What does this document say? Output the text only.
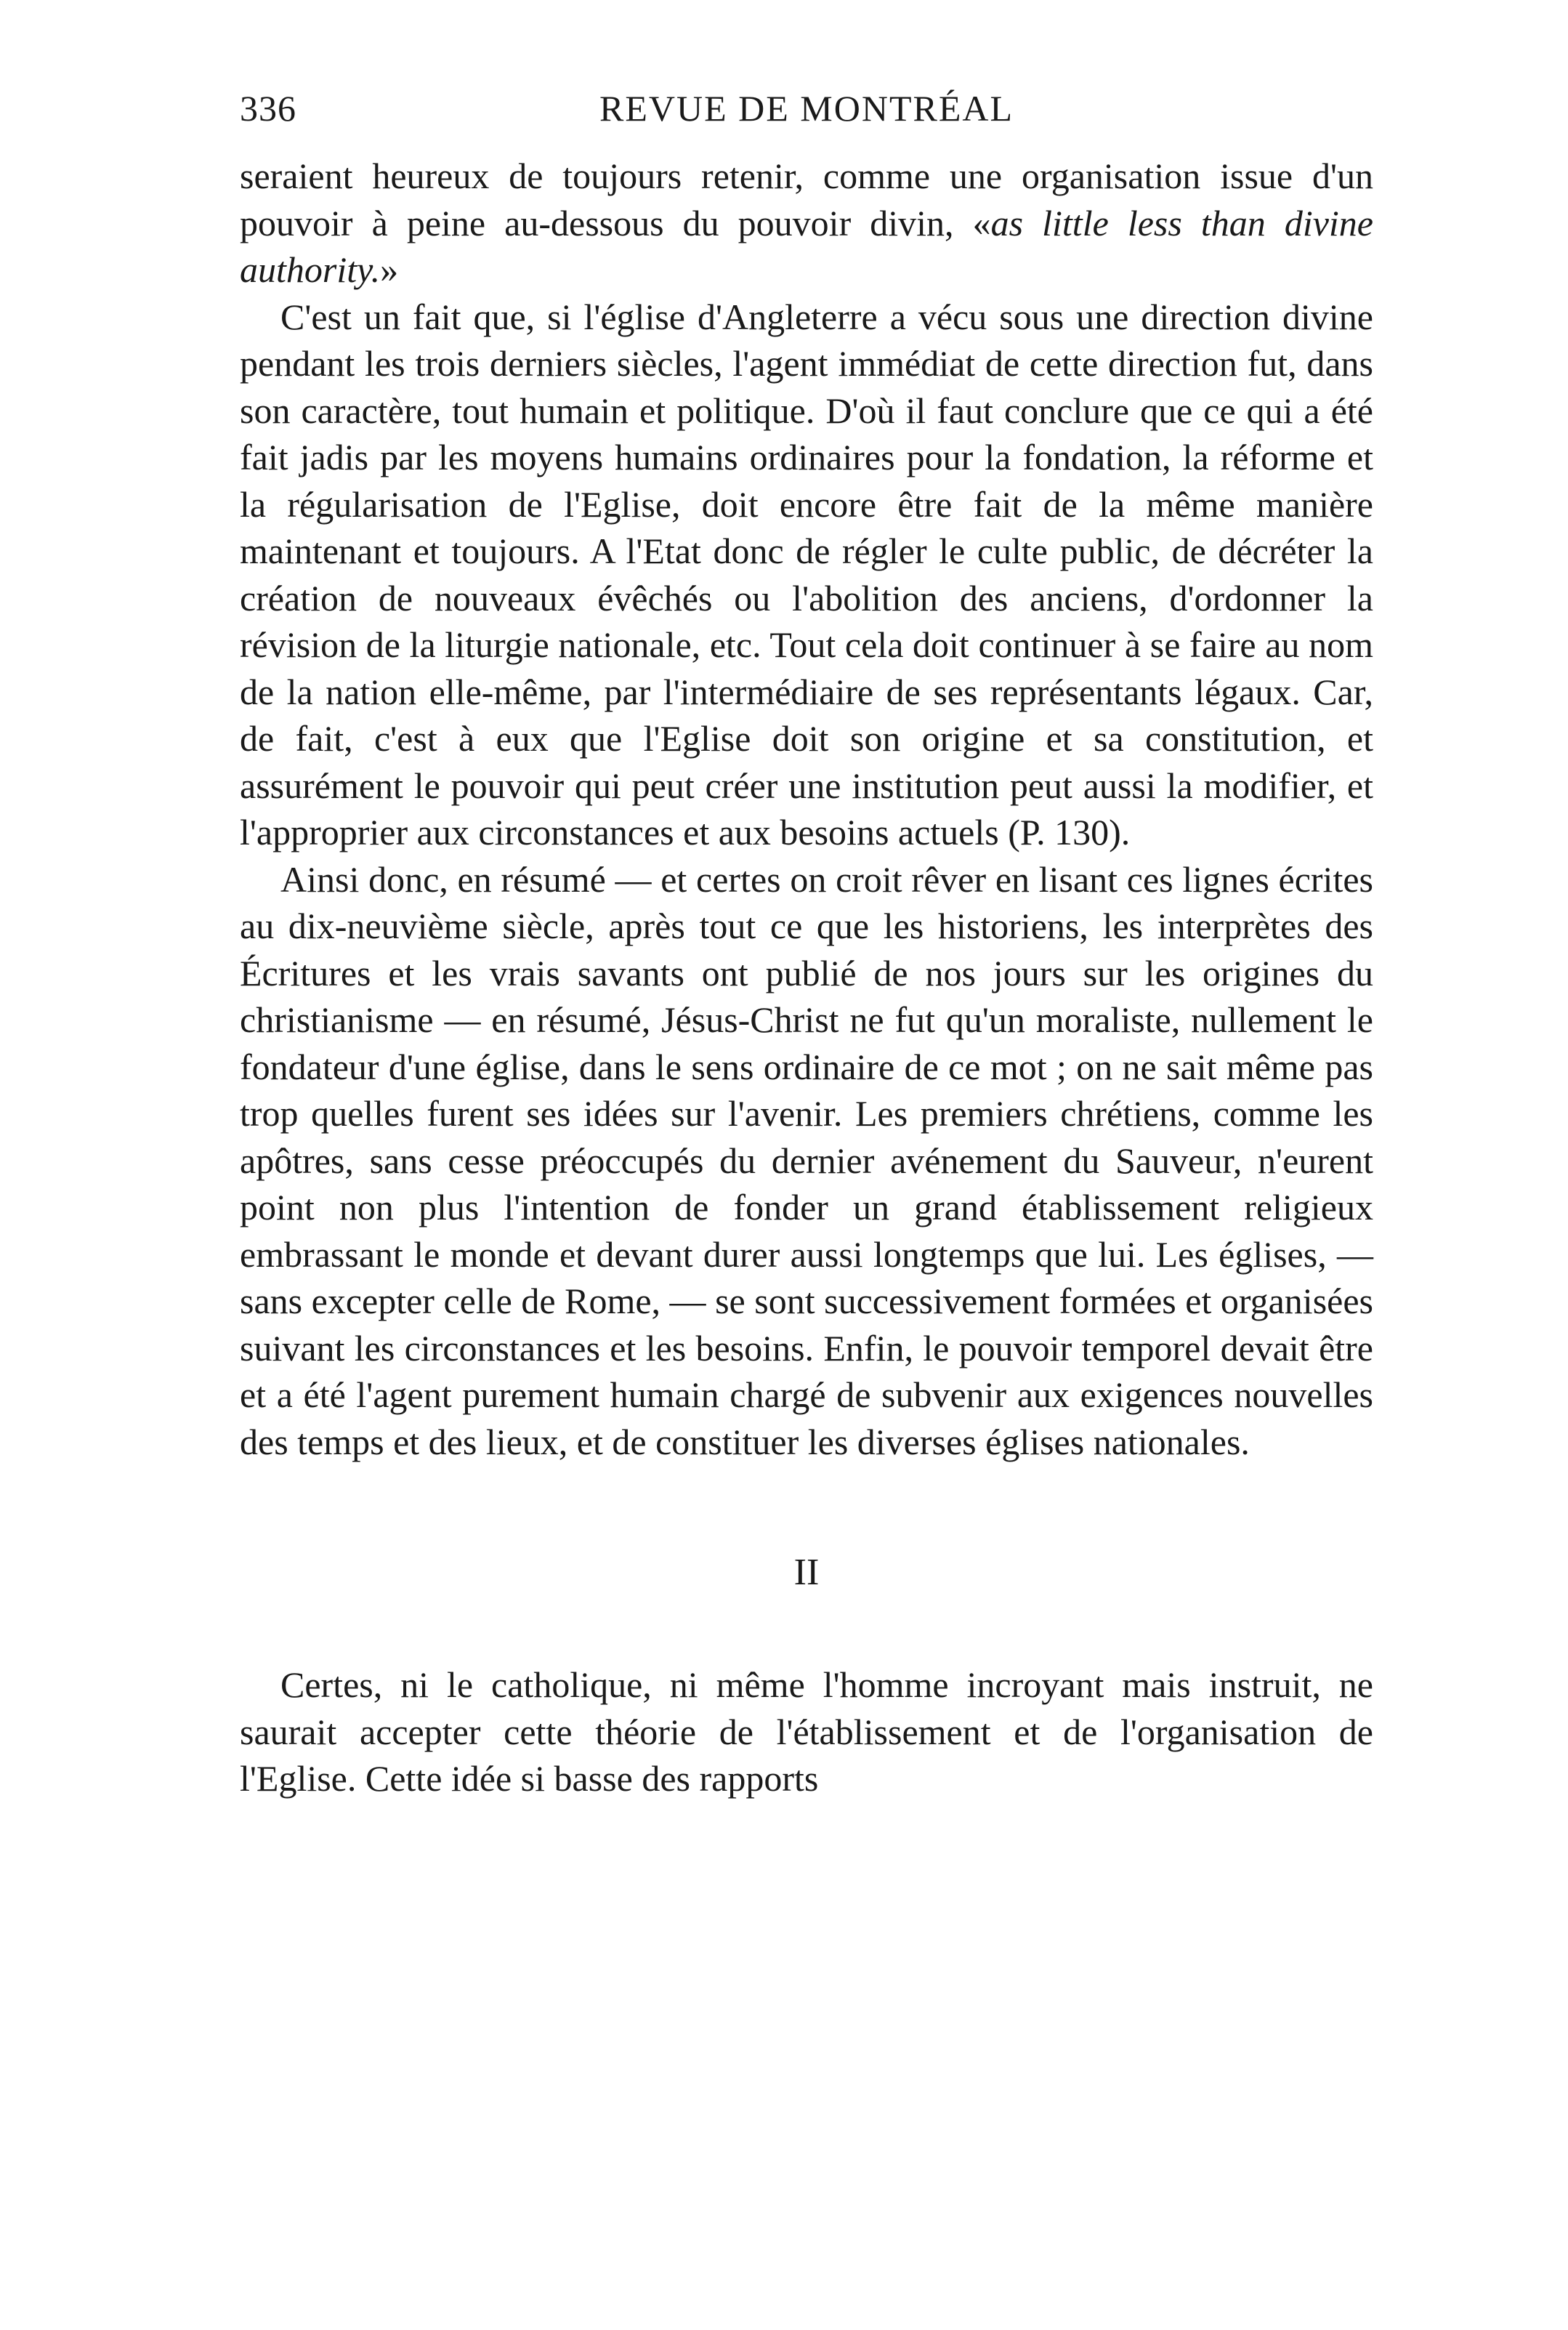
336	REVUE DE MONTRÉAL

seraient heureux de toujours retenir, comme une organisation issue d'un pouvoir à peine au-dessous du pouvoir divin, «as little less than divine authority.»

C'est un fait que, si l'église d'Angleterre a vécu sous une direction divine pendant les trois derniers siècles, l'agent immédiat de cette direction fut, dans son caractère, tout humain et politique. D'où il faut conclure que ce qui a été fait jadis par les moyens humains ordinaires pour la fondation, la réforme et la régularisation de l'Eglise, doit encore être fait de la même manière maintenant et toujours. A l'Etat donc de régler le culte public, de décréter la création de nouveaux évêchés ou l'abolition des anciens, d'ordonner la révision de la liturgie nationale, etc. Tout cela doit continuer à se faire au nom de la nation elle-même, par l'intermédiaire de ses représentants légaux. Car, de fait, c'est à eux que l'Eglise doit son origine et sa constitution, et assurément le pouvoir qui peut créer une institution peut aussi la modifier, et l'approprier aux circonstances et aux besoins actuels (P. 130).

Ainsi donc, en résumé — et certes on croit rêver en lisant ces lignes écrites au dix-neuvième siècle, après tout ce que les historiens, les interprètes des Écritures et les vrais savants ont publié de nos jours sur les origines du christianisme — en résumé, Jésus-Christ ne fut qu'un moraliste, nullement le fondateur d'une église, dans le sens ordinaire de ce mot ; on ne sait même pas trop quelles furent ses idées sur l'avenir. Les premiers chrétiens, comme les apôtres, sans cesse préoccupés du dernier avénement du Sauveur, n'eurent point non plus l'intention de fonder un grand établissement religieux embrassant le monde et devant durer aussi longtemps que lui. Les églises, — sans excepter celle de Rome, — se sont successivement formées et organisées suivant les circonstances et les besoins. Enfin, le pouvoir temporel devait être et a été l'agent purement humain chargé de subvenir aux exigences nouvelles des temps et des lieux, et de constituer les diverses églises nationales.

II

Certes, ni le catholique, ni même l'homme incroyant mais instruit, ne saurait accepter cette théorie de l'établissement et de l'organisation de l'Eglise. Cette idée si basse des rapports
